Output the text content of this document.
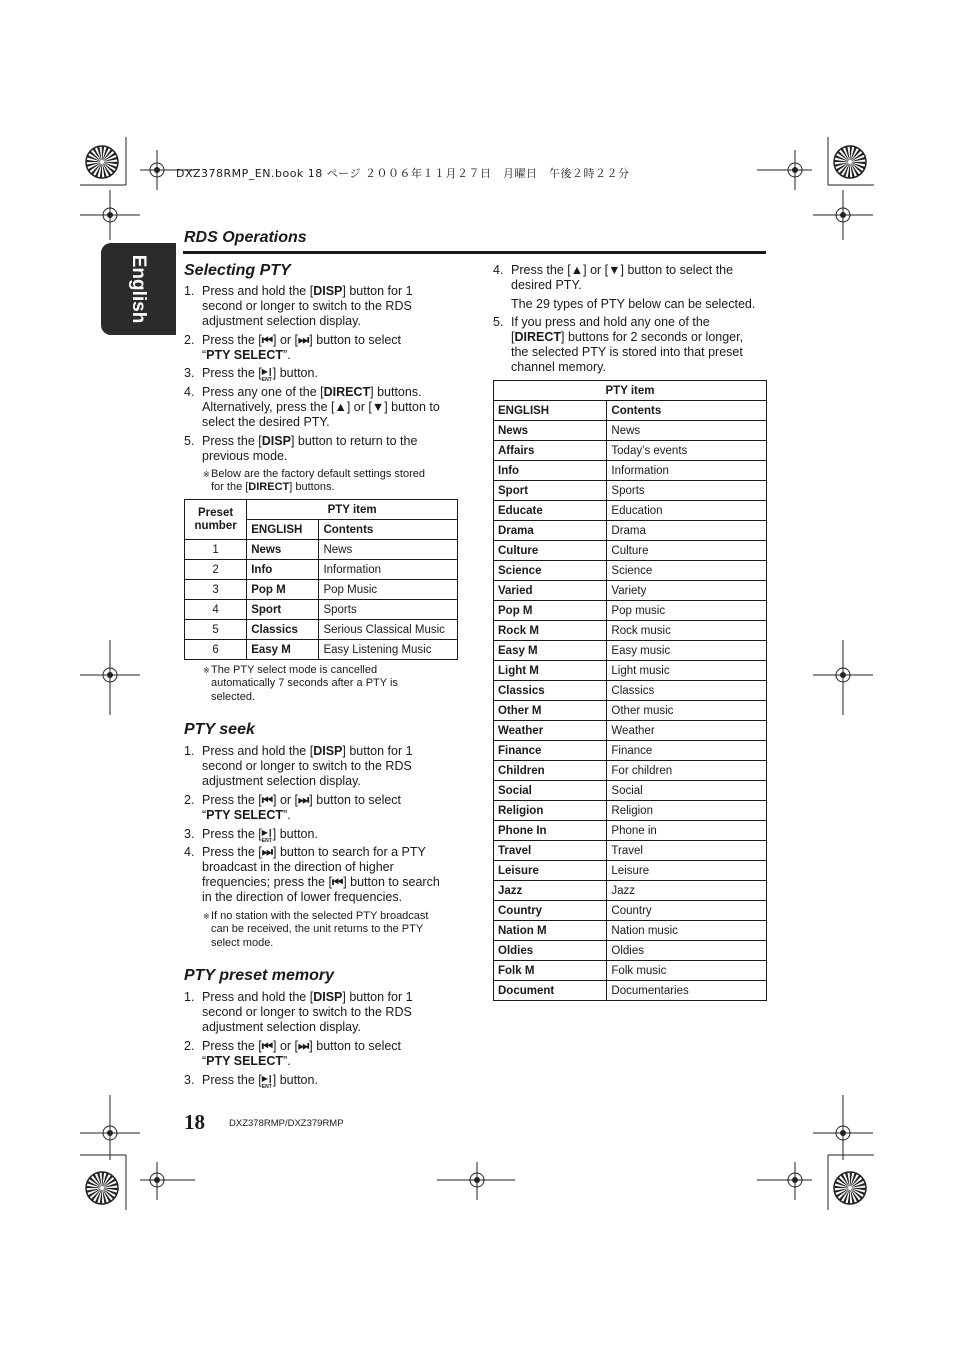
DXZ378RMP_EN.book 18 ページ ２００６年１１月２７日　月曜日　午後２時２２分
English
RDS Operations
Selecting PTY
1. Press and hold the [DISP] button for 1
second or longer to switch to the RDS
adjustment selection display.
2. Press the [⏮] or [⏭] button to select
“PTY SELECT”.
3. Press the [ ▶❙ ENT ] button.
4. Press any one of the [DIRECT] buttons.
Alternatively, press the [▲] or [▼] button to
select the desired PTY.
5. Press the [DISP] button to return to the
previous mode.
※ Below are the factory default settings stored
for the [DIRECT] buttons.
Preset
number	PTY item	
	ENGLISH	Contents
1	News	News
2	Info	Information
3	Pop M	Pop Music
4	Sport	Sports
5	Classics	Serious Classical Music
6	Easy M	Easy Listening Music
※ The PTY select mode is cancelled
automatically 7 seconds after a PTY is
selected.
PTY seek
1. Press and hold the [DISP] button for 1
second or longer to switch to the RDS
adjustment selection display.
2. Press the [⏮] or [⏭] button to select
“PTY SELECT”.
3. Press the [ ▶❙ ENT ] button.
4. Press the [⏭] button to search for a PTY
broadcast in the direction of higher
frequencies; press the [⏮] button to search
in the direction of lower frequencies.
※ If no station with the selected PTY broadcast
can be received, the unit returns to the PTY
select mode.
PTY preset memory
1. Press and hold the [DISP] button for 1
second or longer to switch to the RDS
adjustment selection display.
2. Press the [⏮] or [⏭] button to select
“PTY SELECT”.
3. Press the [ ▶❙ ENT ] button.
4. Press the [▲] or [▼] button to select the
desired PTY.
The 29 types of PTY below can be selected.
5. If you press and hold any one of the
[DIRECT] buttons for 2 seconds or longer,
the selected PTY is stored into that preset
channel memory.
PTY item	
ENGLISH	Contents
News	News
Affairs	Today’s events
Info	Information
Sport	Sports
Educate	Education
Drama	Drama
Culture	Culture
Science	Science
Varied	Variety
Pop M	Pop music
Rock M	Rock music
Easy M	Easy music
Light M	Light music
Classics	Classics
Other M	Other music
Weather	Weather
Finance	Finance
Children	For children
Social	Social
Religion	Religion
Phone In	Phone in
Travel	Travel
Leisure	Leisure
Jazz	Jazz
Country	Country
Nation M	Nation music
Oldies	Oldies
Folk M	Folk music
Document	Documentaries
18	DXZ378RMP/DXZ379RMP
